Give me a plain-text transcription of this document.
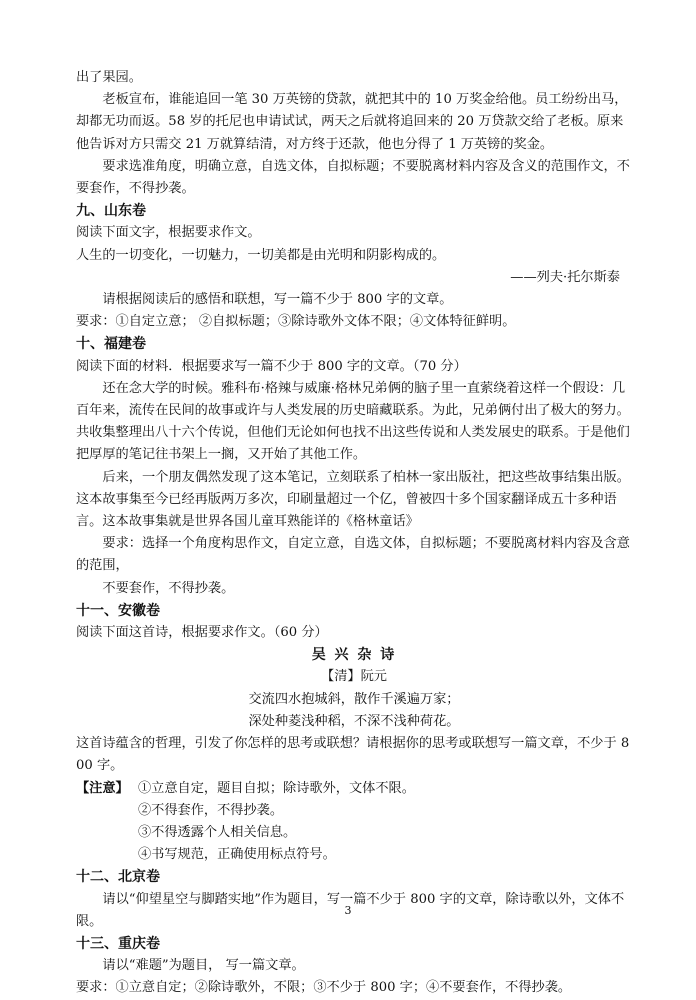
出了果园。

老板宣布，谁能追回一笔 30 万英镑的贷款，就把其中的 10 万奖金给他。员工纷纷出马，却都无功而返。58 岁的托尼也申请试试，两天之后就将追回来的 20 万贷款交给了老板。原来他告诉对方只需交 21 万就算结清，对方终于还款，他也分得了 1 万英镑的奖金。

要求选准角度，明确立意，自选文体，自拟标题；不要脱离材料内容及含义的范围作文，不要套作，不得抄袭。

九、山东卷

阅读下面文字，根据要求作文。

人生的一切变化，一切魅力，一切美都是由光明和阴影构成的。

——列夫·托尔斯泰

请根据阅读后的感悟和联想，写一篇不少于 800 字的文章。

要求：①自定立意； ②自拟标题；③除诗歌外文体不限；④文体特征鲜明。

十、福建卷

阅读下面的材料．根据要求写一篇不少于 800 字的文章。（70 分）

还在念大学的时候。雅科布·格辣与威廉·格林兄弟俩的脑子里一直萦绕着这样一个假设：几百年来，流传在民间的故事或许与人类发展的历史暗藏联系。为此，兄弟俩付出了极大的努力。共收集整理出八十六个传说，但他们无论如何也找不出这些传说和人类发展史的联系。于是他们把厚厚的笔记往书架上一搁，又开始了其他工作。

后来，一个朋友偶然发现了这本笔记，立刻联系了柏林一家出版社，把这些故事结集出版。这本故事集至今已经再版两万多次，印刷量超过一个亿，曾被四十多个国家翻译成五十多种语言。这本故事集就是世界各国儿童耳熟能详的《格林童话》

要求：选择一个角度构思作文，自定立意，自选文体，自拟标题；不要脱离材料内容及含意的范围，

不要套作，不得抄袭。

十一、安徽卷

阅读下面这首诗，根据要求作文。（60 分）

吴 兴 杂 诗

【清】阮元

交流四水抱城斜，散作千溪遍万家；

深处种菱浅种稻，不深不浅种荷花。

这首诗蕴含的哲理，引发了你怎样的思考或联想？请根据你的思考或联想写一篇文章，不少于 800 字。

【注意】 ①立意自定，题目自拟；除诗歌外，文体不限。

②不得套作，不得抄袭。

③不得透露个人相关信息。

④书写规范，正确使用标点符号。

十二、北京卷

请以“仰望星空与脚踏实地”作为题目，写一篇不少于 800 字的文章，除诗歌以外，文体不限。

十三、重庆卷

请以“难题”为题目， 写一篇文章。

要求：①立意自定；②除诗歌外，不限；③不少于 800 字；④不要套作，不得抄袭。

3
